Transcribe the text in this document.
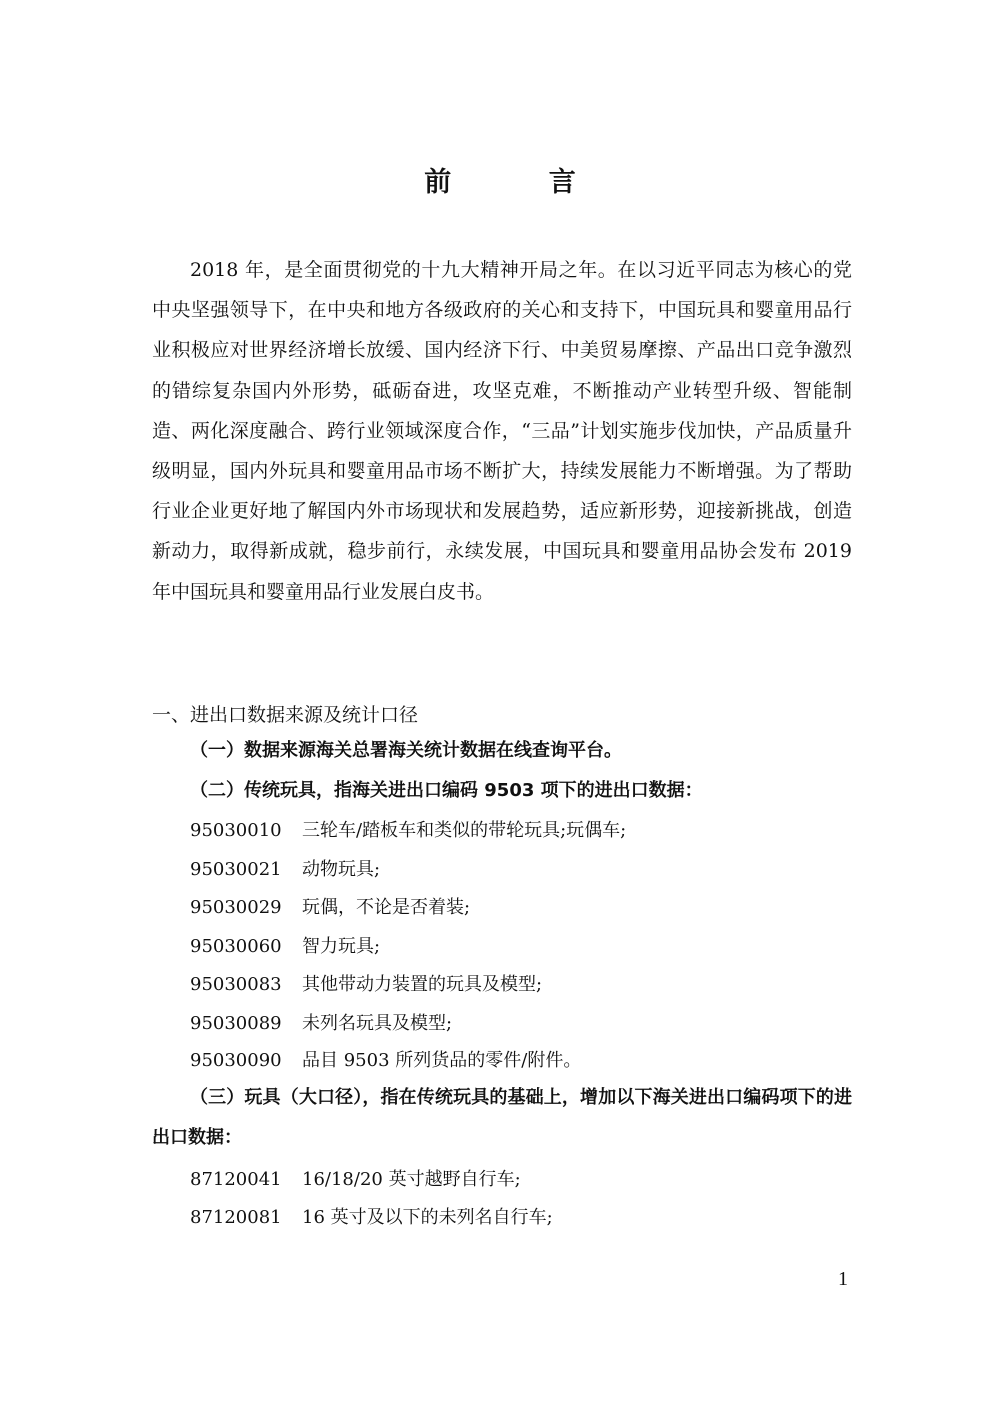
前 言

2018 年，是全面贯彻党的十九大精神开局之年。在以习近平同志为核心的党中央坚强领导下，在中央和地方各级政府的关心和支持下，中国玩具和婴童用品行业积极应对世界经济增长放缓、国内经济下行、中美贸易摩擦、产品出口竞争激烈的错综复杂国内外形势，砥砺奋进，攻坚克难，不断推动产业转型升级、智能制造、两化深度融合、跨行业领域深度合作，“三品”计划实施步伐加快，产品质量升级明显，国内外玩具和婴童用品市场不断扩大，持续发展能力不断增强。为了帮助行业企业更好地了解国内外市场现状和发展趋势，适应新形势，迎接新挑战，创造新动力，取得新成就，稳步前行，永续发展，中国玩具和婴童用品协会发布 2019 年中国玩具和婴童用品行业发展白皮书。

一、进出口数据来源及统计口径

（一）数据来源海关总署海关统计数据在线查询平台。

（二）传统玩具，指海关进出口编码 9503 项下的进出口数据：

95030010 三轮车/踏板车和类似的带轮玩具;玩偶车;

95030021 动物玩具;

95030029 玩偶，不论是否着装;

95030060 智力玩具;

95030083 其他带动力装置的玩具及模型;

95030089 未列名玩具及模型;

95030090 品目 9503 所列货品的零件/附件。

（三）玩具（大口径），指在传统玩具的基础上，增加以下海关进出口编码项下的进出口数据：

87120041 16/18/20 英寸越野自行车;

87120081 16 英寸及以下的未列名自行车;

1
